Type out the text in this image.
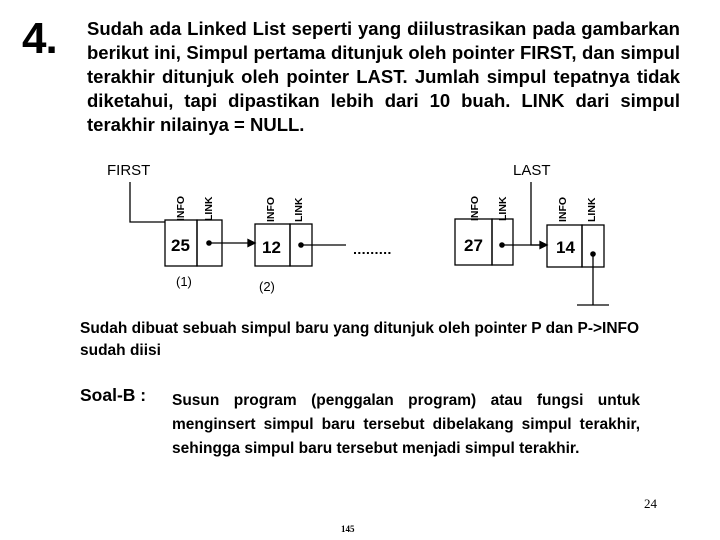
4. Sudah ada Linked List seperti yang diilustrasikan pada gambarkan berikut ini, Simpul pertama ditunjuk oleh pointer FIRST, dan simpul terakhir ditunjuk oleh pointer LAST. Jumlah simpul tepatnya tidak diketahui, tapi dipastikan lebih dari 10 buah. LINK dari simpul terakhir nilainya = NULL.

FIRST	LAST
INFO LINK	INFO LINK	INFO LINK	INFO LINK
25	12	27	14
(1)	(2)

Sudah dibuat sebuah simpul baru yang ditunjuk oleh pointer P dan P->INFO sudah diisi

Soal-B : Susun program (penggalan program) atau fungsi untuk menginsert simpul baru tersebut dibelakang simpul terakhir, sehingga simpul baru tersebut menjadi simpul terakhir.

24
145
